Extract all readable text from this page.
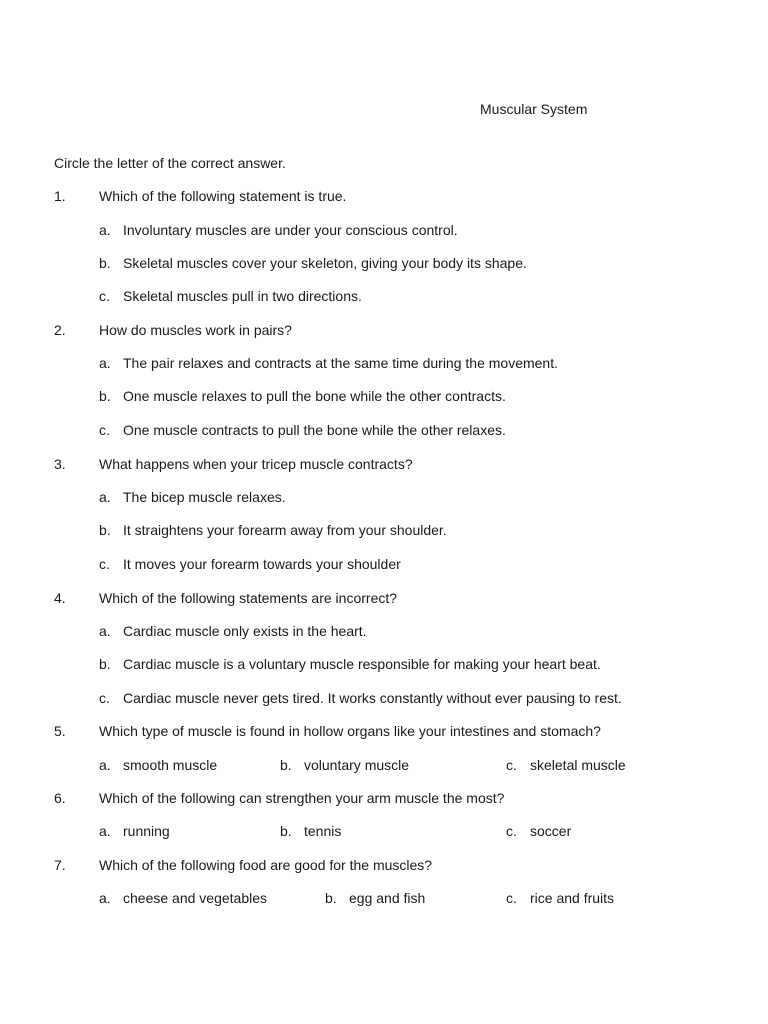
Muscular System
Circle the letter of the correct answer.
1. Which of the following statement is true.
a. Involuntary muscles are under your conscious control.
b. Skeletal muscles cover your skeleton, giving your body its shape.
c. Skeletal muscles pull in two directions.
2. How do muscles work in pairs?
a. The pair relaxes and contracts at the same time during the movement.
b. One muscle relaxes to pull the bone while the other contracts.
c. One muscle contracts to pull the bone while the other relaxes.
3. What happens when your tricep muscle contracts?
a. The bicep muscle relaxes.
b. It straightens your forearm away from your shoulder.
c. It moves your forearm towards your shoulder
4. Which of the following statements are incorrect?
a. Cardiac muscle only exists in the heart.
b. Cardiac muscle is a voluntary muscle responsible for making your heart beat.
c. Cardiac muscle never gets tired. It works constantly without ever pausing to rest.
5. Which type of muscle is found in hollow organs like your intestines and stomach?
a. smooth muscle	b. voluntary muscle	c. skeletal muscle
6. Which of the following can strengthen your arm muscle the most?
a. running	b. tennis	c. soccer
7. Which of the following food are good for the muscles?
a. cheese and vegetables	b. egg and fish	c. rice and fruits
